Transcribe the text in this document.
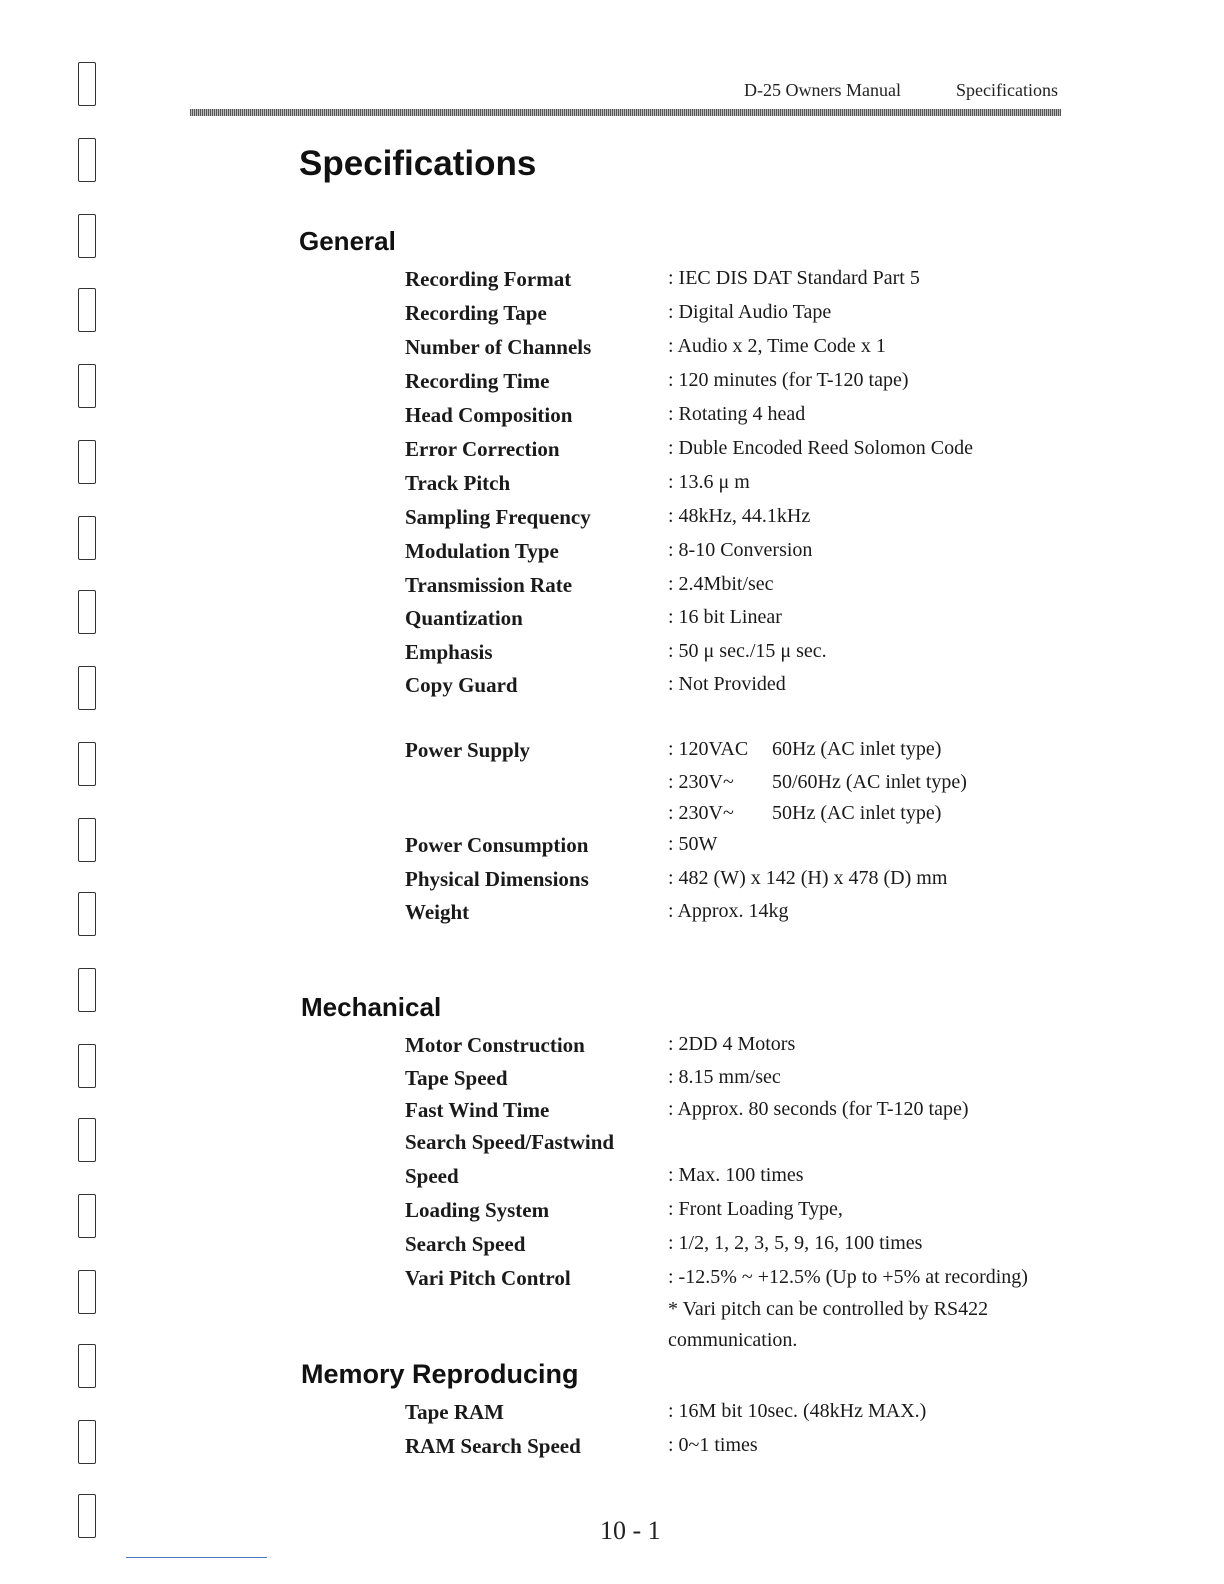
D-25 Owners Manual	Specifications
Specifications
General
Recording Format	: IEC DIS DAT Standard Part 5
Recording Tape	: Digital Audio Tape
Number of Channels	: Audio x 2, Time Code x 1
Recording Time	: 120 minutes (for T-120 tape)
Head Composition	: Rotating 4 head
Error Correction	: Duble Encoded Reed Solomon Code
Track Pitch	: 13.6 μ m
Sampling Frequency	: 48kHz, 44.1kHz
Modulation Type	: 8-10 Conversion
Transmission Rate	: 2.4Mbit/sec
Quantization	: 16 bit Linear
Emphasis	: 50 μ sec./15 μ sec.
Copy Guard	: Not Provided
Power Supply	: 120VAC 60Hz (AC inlet type)
: 230V~ 50/60Hz (AC inlet type)
: 230V~ 50Hz (AC inlet type)
Power Consumption	: 50W
Physical Dimensions	: 482 (W) x 142 (H) x 478 (D) mm
Weight	: Approx. 14kg
Mechanical
Motor Construction	: 2DD 4 Motors
Tape Speed	: 8.15 mm/sec
Fast Wind Time	: Approx. 80 seconds (for T-120 tape)
Search Speed/Fastwind
Speed	: Max. 100 times
Loading System	: Front Loading Type,
Search Speed	: 1/2, 1, 2, 3, 5, 9, 16, 100 times
Vari Pitch Control	: -12.5% ~ +12.5% (Up to +5% at recording)
* Vari pitch can be controlled by RS422
communication.
Memory Reproducing
Tape RAM	: 16M bit 10sec. (48kHz MAX.)
RAM Search Speed	: 0~1 times
10 - 1
